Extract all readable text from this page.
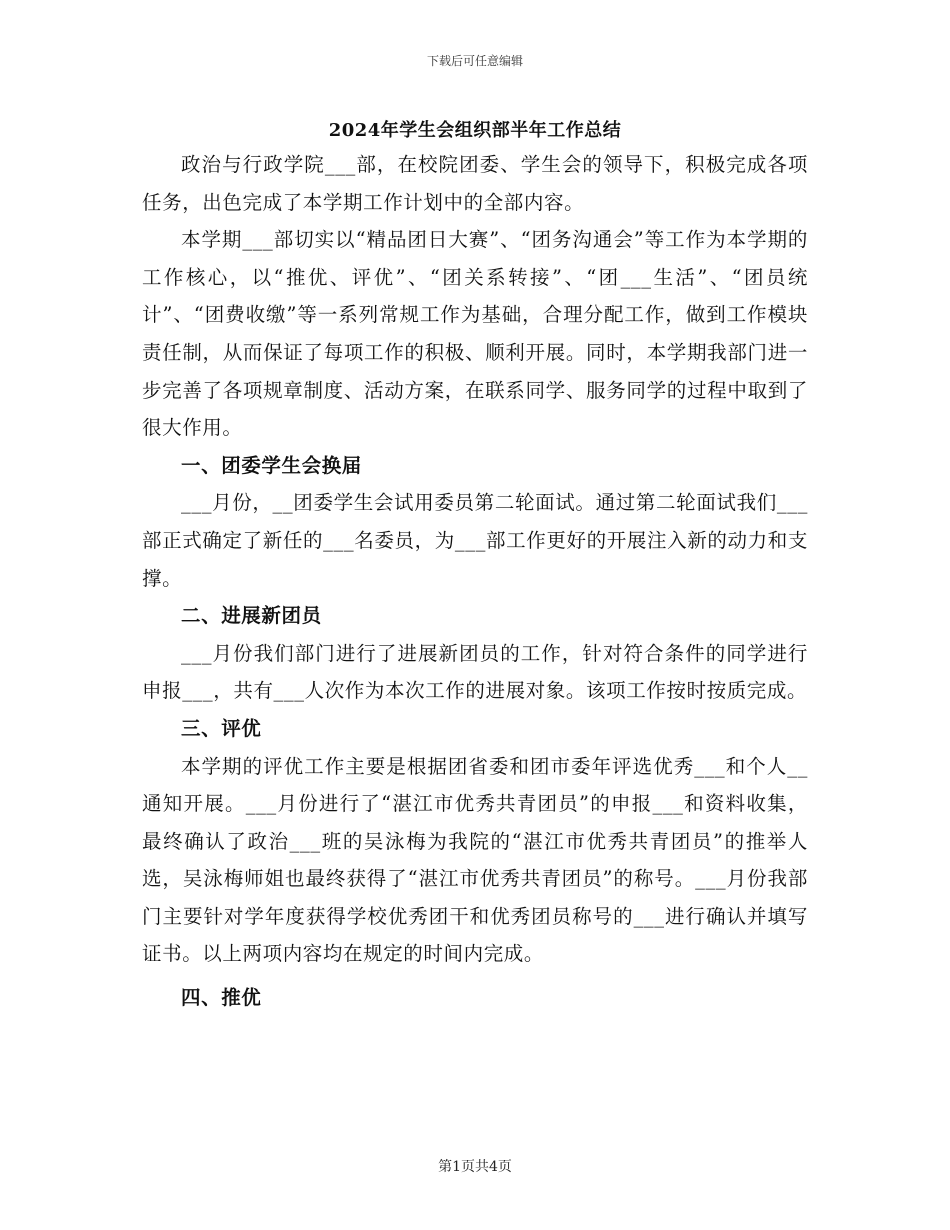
下载后可任意编辑
2024年学生会组织部半年工作总结

政治与行政学院___部，在校院团委、学生会的领导下，积极完成各项任务，出色完成了本学期工作计划中的全部内容。

本学期___部切实以“精品团日大赛”、“团务沟通会”等工作为本学期的工作核心，以“推优、评优”、“团关系转接”、“团___生活”、“团员统计”、“团费收缴”等一系列常规工作为基础，合理分配工作，做到工作模块责任制，从而保证了每项工作的积极、顺利开展。同时，本学期我部门进一步完善了各项规章制度、活动方案，在联系同学、服务同学的过程中取到了很大作用。

一、团委学生会换届

___月份，__团委学生会试用委员第二轮面试。通过第二轮面试我们___部正式确定了新任的___名委员，为___部工作更好的开展注入新的动力和支撑。

二、进展新团员

___月份我们部门进行了进展新团员的工作，针对符合条件的同学进行申报___，共有___人次作为本次工作的进展对象。该项工作按时按质完成。

三、评优

本学期的评优工作主要是根据团省委和团市委年评选优秀___和个人__通知开展。___月份进行了“湛江市优秀共青团员”的申报___和资料收集，最终确认了政治___班的吴泳梅为我院的“湛江市优秀共青团员”的推举人选，吴泳梅师姐也最终获得了“湛江市优秀共青团员”的称号。___月份我部门主要针对学年度获得学校优秀团干和优秀团员称号的___进行确认并填写证书。以上两项内容均在规定的时间内完成。

四、推优

第1页共4页
